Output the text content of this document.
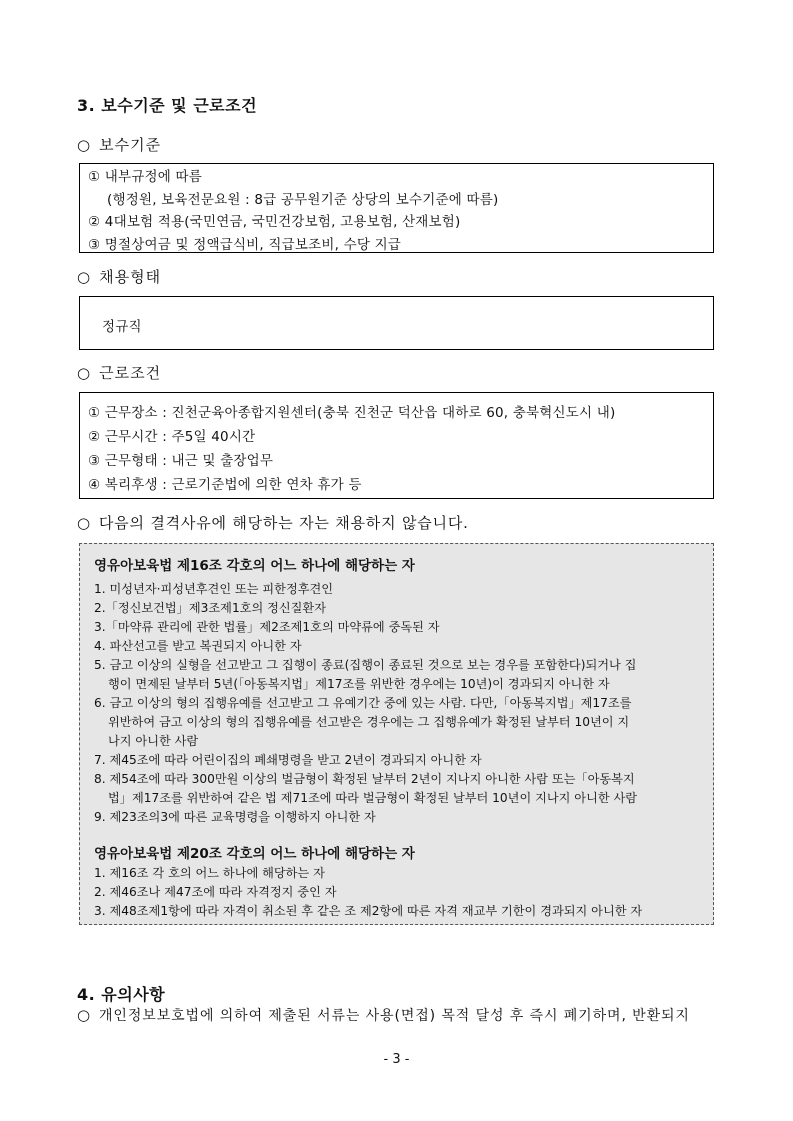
3. 보수기준 및 근로조건
○ 보수기준
① 내부규정에 따름
(행정원, 보육전문요원 : 8급 공무원기준 상당의 보수기준에 따름)
② 4대보험 적용(국민연금, 국민건강보험, 고용보험, 산재보험)
③ 명절상여금 및 정액급식비, 직급보조비, 수당 지급
○ 채용형태
정규직
○ 근로조건
① 근무장소 : 진천군육아종합지원센터(충북 진천군 덕산읍 대하로 60, 충북혁신도시 내)
② 근무시간 : 주5일 40시간
③ 근무형태 : 내근 및 출장업무
④ 복리후생 : 근로기준법에 의한 연차 휴가 등
○ 다음의 결격사유에 해당하는 자는 채용하지 않습니다.
영유아보육법 제16조 각호의 어느 하나에 해당하는 자
1. 미성년자·피성년후견인 또는 피한정후견인
2.「정신보건법」제3조제1호의 정신질환자
3.「마약류 관리에 관한 법률」제2조제1호의 마약류에 중독된 자
4. 파산선고를 받고 복권되지 아니한 자
5. 금고 이상의 실형을 선고받고 그 집행이 종료(집행이 종료된 것으로 보는 경우를 포함한다)되거나 집
행이 면제된 날부터 5년(「아동복지법」제17조를 위반한 경우에는 10년)이 경과되지 아니한 자
6. 금고 이상의 형의 집행유예를 선고받고 그 유예기간 중에 있는 사람. 다만,「아동복지법」제17조를
위반하여 금고 이상의 형의 집행유예를 선고받은 경우에는 그 집행유예가 확정된 날부터 10년이 지
나지 아니한 사람
7. 제45조에 따라 어린이집의 폐쇄명령을 받고 2년이 경과되지 아니한 자
8. 제54조에 따라 300만원 이상의 벌금형이 확정된 날부터 2년이 지나지 아니한 사람 또는「아동복지
법」제17조를 위반하여 같은 법 제71조에 따라 벌금형이 확정된 날부터 10년이 지나지 아니한 사람
9. 제23조의3에 따른 교육명령을 이행하지 아니한 자
영유아보육법 제20조 각호의 어느 하나에 해당하는 자
1. 제16조 각 호의 어느 하나에 해당하는 자
2. 제46조나 제47조에 따라 자격정지 중인 자
3. 제48조제1항에 따라 자격이 취소된 후 같은 조 제2항에 따른 자격 재교부 기한이 경과되지 아니한 자
4. 유의사항
○ 개인정보보호법에 의하여 제출된 서류는 사용(면접) 목적 달성 후 즉시 폐기하며, 반환되지
- 3 -
